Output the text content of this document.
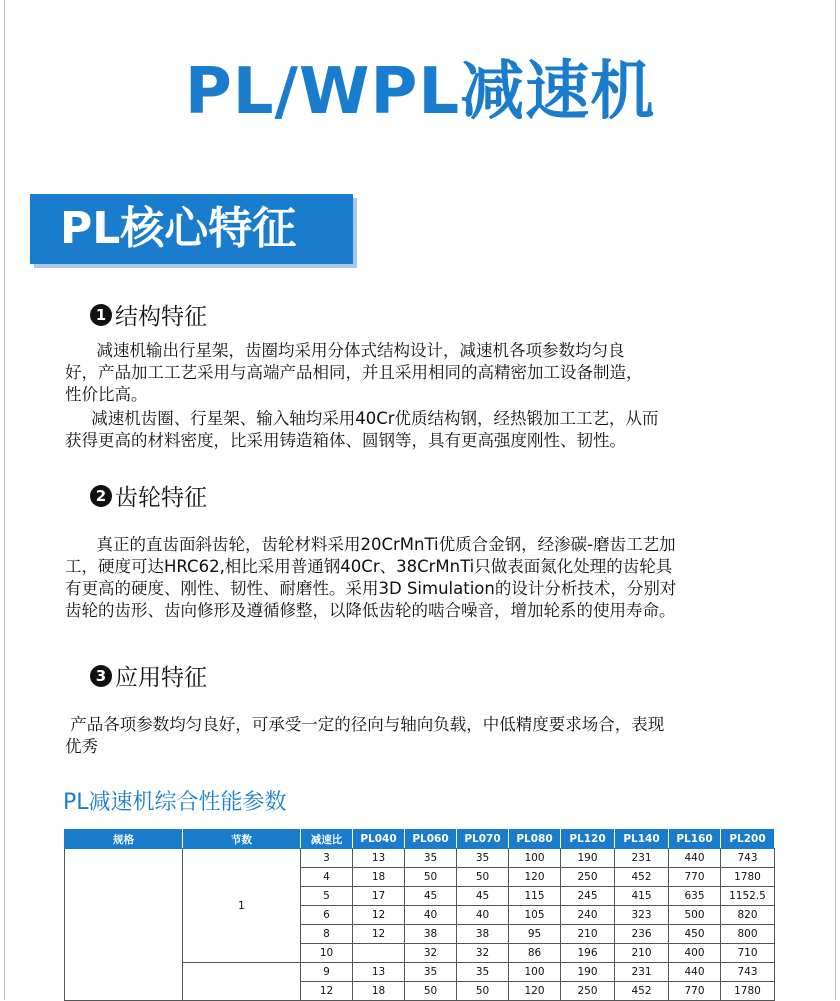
PL/WPL减速机
PL核心特征
1 结构特征

减速机输出行星架，齿圈均采用分体式结构设计，减速机各项参数均匀良
好，产品加工工艺采用与高端产品相同，并且采用相同的高精密加工设备制造，
性价比高。

减速机齿圈、行星架、输入轴均采用40Cr优质结构钢，经热锻加工工艺，从而
获得更高的材料密度，比采用铸造箱体、圆钢等，具有更高强度刚性、韧性。

2 齿轮特征

真正的直齿面斜齿轮，齿轮材料采用20CrMnTi优质合金钢，经渗碳-磨齿工艺加
工，硬度可达HRC62,相比采用普通钢40Cr、38CrMnTi只做表面氮化处理的齿轮具
有更高的硬度、刚性、韧性、耐磨性。采用3D Simulation的设计分析技术，分别对
齿轮的齿形、齿向修形及遵循修整，以降低齿轮的啮合噪音，增加轮系的使用寿命。

3 应用特征

产品各项参数均匀良好，可承受一定的径向与轴向负载，中低精度要求场合，表现
优秀

PL减速机综合性能参数
规格	节数	减速比	PL040	PL060	PL070	PL080	PL120	PL140	PL160	PL200
	1	3	13	35	35	100	190	231	440	743
		4	18	50	50	120	250	452	770	1780
		5	17	45	45	115	245	415	635	1152.5
		6	12	40	40	105	240	323	500	820
		8	12	38	38	95	210	236	450	800
		10		32	32	86	196	210	400	710
		9	13	35	35	100	190	231	440	743
		12	18	50	50	120	250	452	770	1780
